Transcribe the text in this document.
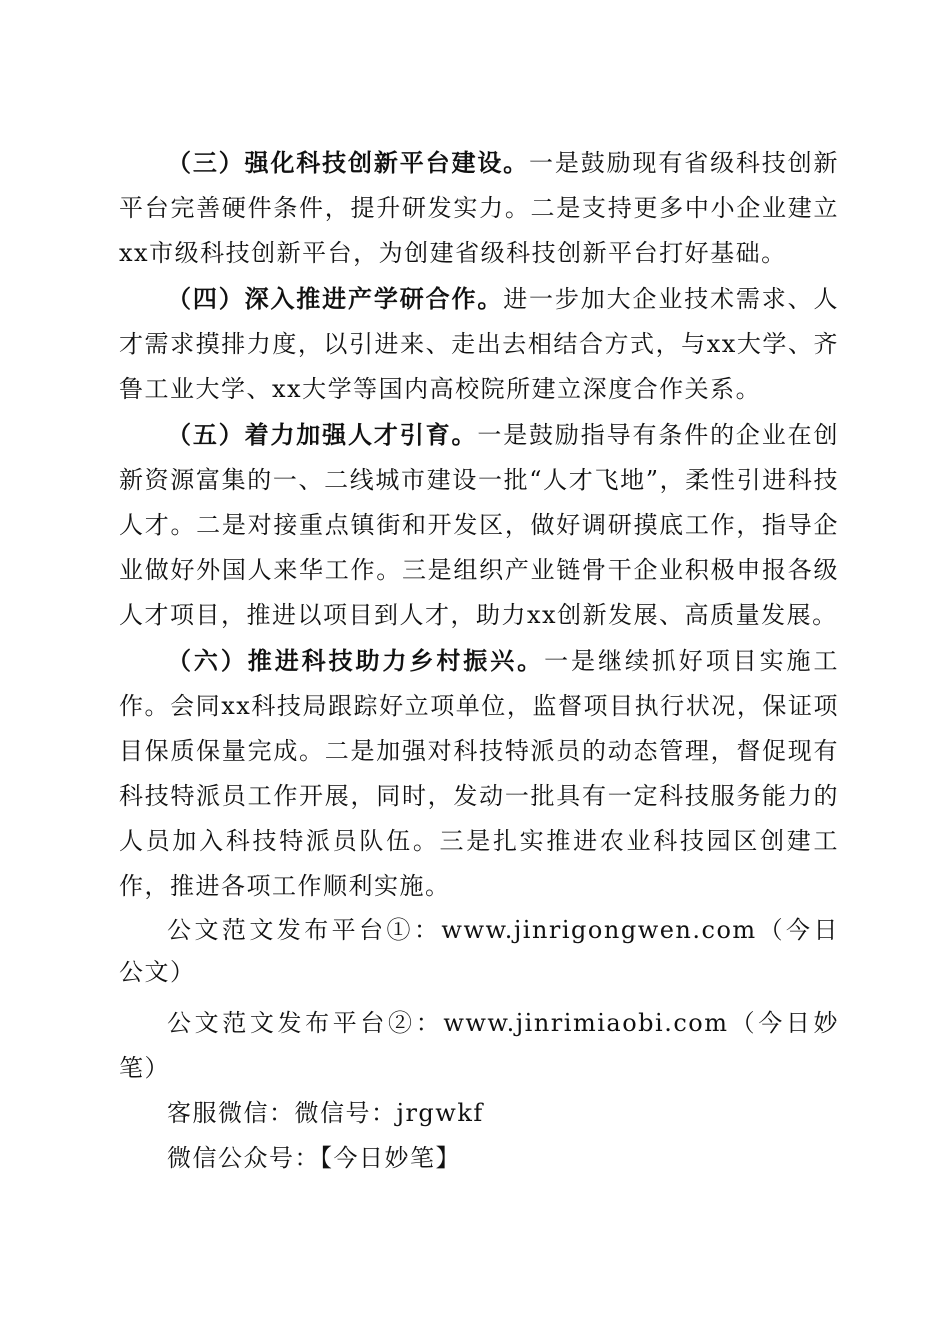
（三）强化科技创新平台建设。一是鼓励现有省级科技创新平台完善硬件条件，提升研发实力。二是支持更多中小企业建立xx市级科技创新平台，为创建省级科技创新平台打好基础。

（四）深入推进产学研合作。进一步加大企业技术需求、人才需求摸排力度，以引进来、走出去相结合方式，与xx大学、齐鲁工业大学、xx大学等国内高校院所建立深度合作关系。

（五）着力加强人才引育。一是鼓励指导有条件的企业在创新资源富集的一、二线城市建设一批“人才飞地”，柔性引进科技人才。二是对接重点镇街和开发区，做好调研摸底工作，指导企业做好外国人来华工作。三是组织产业链骨干企业积极申报各级人才项目，推进以项目到人才，助力xx创新发展、高质量发展。

（六）推进科技助力乡村振兴。一是继续抓好项目实施工作。会同xx科技局跟踪好立项单位，监督项目执行状况，保证项目保质保量完成。二是加强对科技特派员的动态管理，督促现有科技特派员工作开展，同时，发动一批具有一定科技服务能力的人员加入科技特派员队伍。三是扎实推进农业科技园区创建工作，推进各项工作顺利实施。

公文范文发布平台①：www.jinrigongwen.com（今日公文）

公文范文发布平台②：www.jinrimiaobi.com（今日妙笔）

客服微信：微信号：jrgwkf

微信公众号：【今日妙笔】
